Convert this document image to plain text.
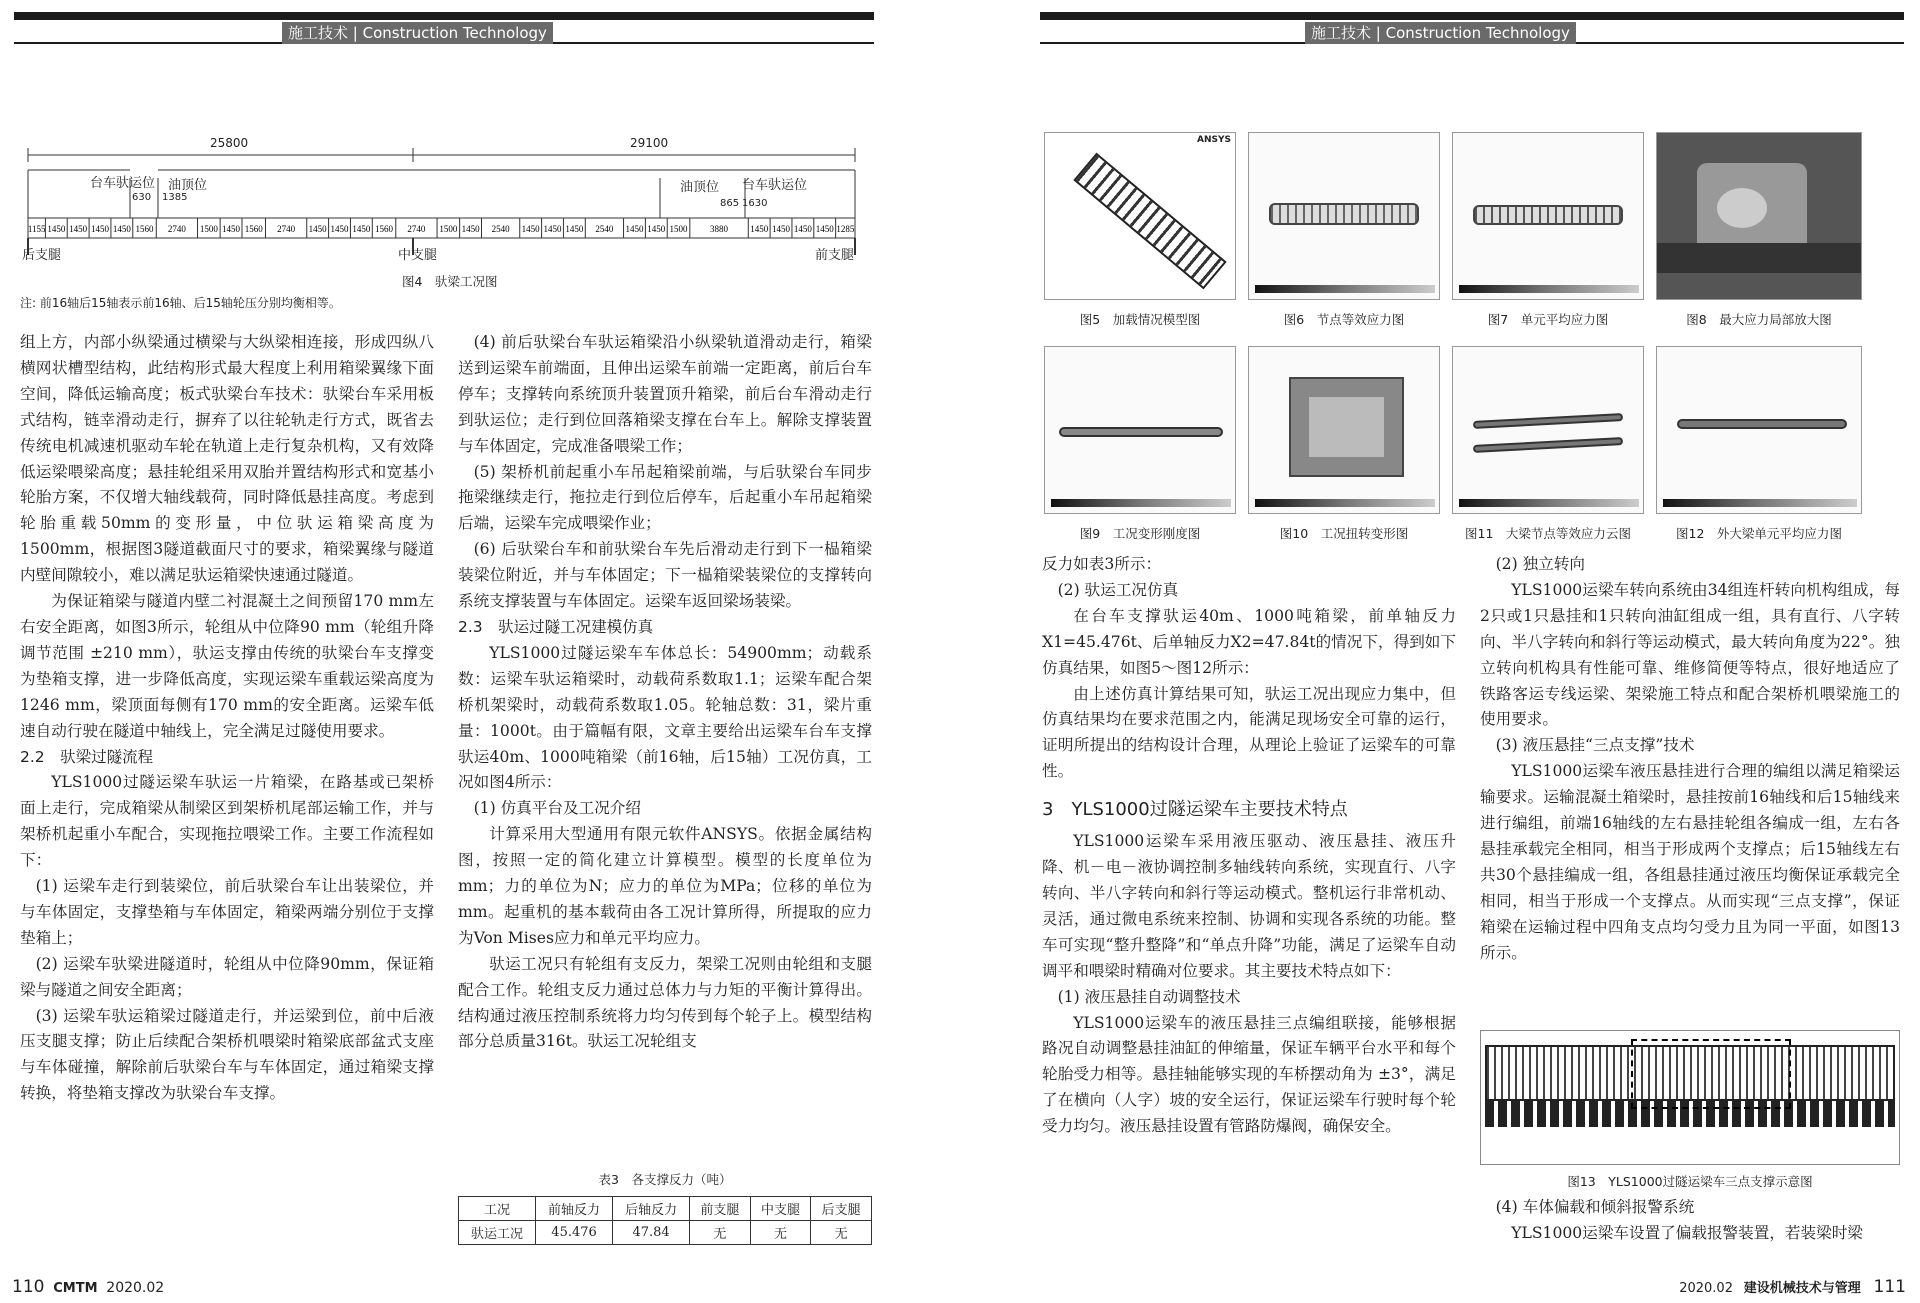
施工技术 | Construction Technology
1155 1450 1450 1450 1450 1560 2740 1500 1450 1560 2740 1450 1450 1450 1560 2740 1500 1450 2540 1450 1450 1450 2540 1450 1450 1500	3880 1450 1450 1450 1450 1285
25800	29100
台车驮运位 油顶位
630 1385
油顶位 台车驮运位
865 1630
后支腿	中支腿	前支腿
图4　驮梁工况图
注: 前16轴后15轴表示前16轴、后15轴轮压分别均衡相等。

组上方，内部小纵梁通过横梁与大纵梁相连接，形成四纵八横网状槽型结构，此结构形式最大程度上利用箱梁翼缘下面空间，降低运输高度；板式驮梁台车技术：驮梁台车采用板式结构，链幸滑动走行，摒弃了以往轮轨走行方式，既省去传统电机减速机驱动车轮在轨道上走行复杂机构，又有效降低运梁喂梁高度；悬挂轮组采用双胎并置结构形式和宽基小轮胎方案，不仅增大轴线载荷，同时降低悬挂高度。考虑到轮胎重载50mm的变形量，中位驮运箱梁高度为1500mm，根据图3隧道截面尺寸的要求，箱梁翼缘与隧道内壁间隙较小，难以满足驮运箱梁快速通过隧道。

为保证箱梁与隧道内壁二衬混凝土之间预留170 mm左右安全距离，如图3所示，轮组从中位降90 mm（轮组升降调节范围 ±210 mm），驮运支撑由传统的驮梁台车支撑变为垫箱支撑，进一步降低高度，实现运梁车重载运梁高度为1246 mm，梁顶面每侧有170 mm的安全距离。运梁车低速自动行驶在隧道中轴线上，完全满足过隧使用要求。

2.2　驮梁过隧流程

YLS1000过隧运梁车驮运一片箱梁，在路基或已架桥面上走行，完成箱梁从制梁区到架桥机尾部运输工作，并与架桥机起重小车配合，实现拖拉喂梁工作。主要工作流程如下：

(1) 运梁车走行到装梁位，前后驮梁台车让出装梁位，并与车体固定，支撑垫箱与车体固定，箱梁两端分别位于支撑垫箱上；

(2) 运梁车驮梁进隧道时，轮组从中位降90mm，保证箱梁与隧道之间安全距离；

(3) 运梁车驮运箱梁过隧道走行，并运梁到位，前中后液压支腿支撑；防止后续配合架桥机喂梁时箱梁底部盆式支座与车体碰撞，解除前后驮梁台车与车体固定，通过箱梁支撑转换，将垫箱支撑改为驮梁台车支撑。

(4) 前后驮梁台车驮运箱梁沿小纵梁轨道滑动走行，箱梁送到运梁车前端面，且伸出运梁车前端一定距离，前后台车停车；支撑转向系统顶升装置顶升箱梁，前后台车滑动走行到驮运位；走行到位回落箱梁支撑在台车上。解除支撑装置与车体固定，完成准备喂梁工作；

(5) 架桥机前起重小车吊起箱梁前端，与后驮梁台车同步拖梁继续走行，拖拉走行到位后停车，后起重小车吊起箱梁后端，运梁车完成喂梁作业；

(6) 后驮梁台车和前驮梁台车先后滑动走行到下一榀箱梁装梁位附近，并与车体固定；下一榀箱梁装梁位的支撑转向系统支撑装置与车体固定。运梁车返回梁场装梁。

2.3　驮运过隧工况建模仿真

YLS1000过隧运梁车车体总长：54900mm；动载系数：运梁车驮运箱梁时，动载荷系数取1.1；运梁车配合架桥机架梁时，动载荷系数取1.05。轮轴总数：31，梁片重量：1000t。由于篇幅有限，文章主要给出运梁车台车支撑驮运40m、1000吨箱梁（前16轴，后15轴）工况仿真，工况如图4所示：

(1) 仿真平台及工况介绍

计算采用大型通用有限元软件ANSYS。依据金属结构图，按照一定的简化建立计算模型。模型的长度单位为mm；力的单位为N；应力的单位为MPa；位移的单位为mm。起重机的基本载荷由各工况计算所得，所提取的应力为Von Mises应力和单元平均应力。

驮运工况只有轮组有支反力，架梁工况则由轮组和支腿配合工作。轮组支反力通过总体力与力矩的平衡计算得出。结构通过液压控制系统将力均匀传到每个轮子上。模型结构部分总质量316t。驮运工况轮组支

表3　各支撑反力（吨）
工况	前轴反力	后轴反力	前支腿	中支腿	后支腿
驮运工况	45.476	47.84	无	无	无
110 CMTM 2020.02
施工技术 | Construction Technology
ANSYS
图5　加载情况模型图	图6　节点等效应力图	图7　单元平均应力图	图8　最大应力局部放大图
图9　工况变形刚度图	图10　工况扭转变形图	图11　大梁节点等效应力云图	图12　外大梁单元平均应力图

反力如表3所示：

(2) 驮运工况仿真

在台车支撑驮运40m、1000吨箱梁，前单轴反力X1=45.476t、后单轴反力X2=47.84t的情况下，得到如下仿真结果，如图5～图12所示：

由上述仿真计算结果可知，驮运工况出现应力集中，但仿真结果均在要求范围之内，能满足现场安全可靠的运行，证明所提出的结构设计合理，从理论上验证了运梁车的可靠性。

3　YLS1000过隧运梁车主要技术特点

YLS1000运梁车采用液压驱动、液压悬挂、液压升降、机－电－液协调控制多轴线转向系统，实现直行、八字转向、半八字转向和斜行等运动模式。整机运行非常机动、灵活，通过微电系统来控制、协调和实现各系统的功能。整车可实现“整升整降”和“单点升降”功能，满足了运梁车自动调平和喂梁时精确对位要求。其主要技术特点如下：

(1) 液压悬挂自动调整技术

YLS1000运梁车的液压悬挂三点编组联接，能够根据路况自动调整悬挂油缸的伸缩量，保证车辆平台水平和每个轮胎受力相等。悬挂轴能够实现的车桥摆动角为 ±3°，满足了在横向（人字）坡的安全运行，保证运梁车行驶时每个轮受力均匀。液压悬挂设置有管路防爆阀，确保安全。

(2) 独立转向

YLS1000运梁车转向系统由34组连杆转向机构组成，每2只或1只悬挂和1只转向油缸组成一组，具有直行、八字转向、半八字转向和斜行等运动模式，最大转向角度为22°。独立转向机构具有性能可靠、维修简便等特点，很好地适应了铁路客运专线运梁、架梁施工特点和配合架桥机喂梁施工的使用要求。

(3) 液压悬挂“三点支撑”技术

YLS1000运梁车液压悬挂进行合理的编组以满足箱梁运输要求。运输混凝土箱梁时，悬挂按前16轴线和后15轴线来进行编组，前端16轴线的左右悬挂轮组各编成一组，左右各悬挂承载完全相同，相当于形成两个支撑点；后15轴线左右共30个悬挂编成一组，各组悬挂通过液压均衡保证承载完全相同，相当于形成一个支撑点。从而实现“三点支撑”，保证箱梁在运输过程中四角支点均匀受力且为同一平面，如图13所示。

图13　YLS1000过隧运梁车三点支撑示意图

(4) 车体偏载和倾斜报警系统

YLS1000运梁车设置了偏载报警装置，若装梁时梁

2020.02 建设机械技术与管理 111
